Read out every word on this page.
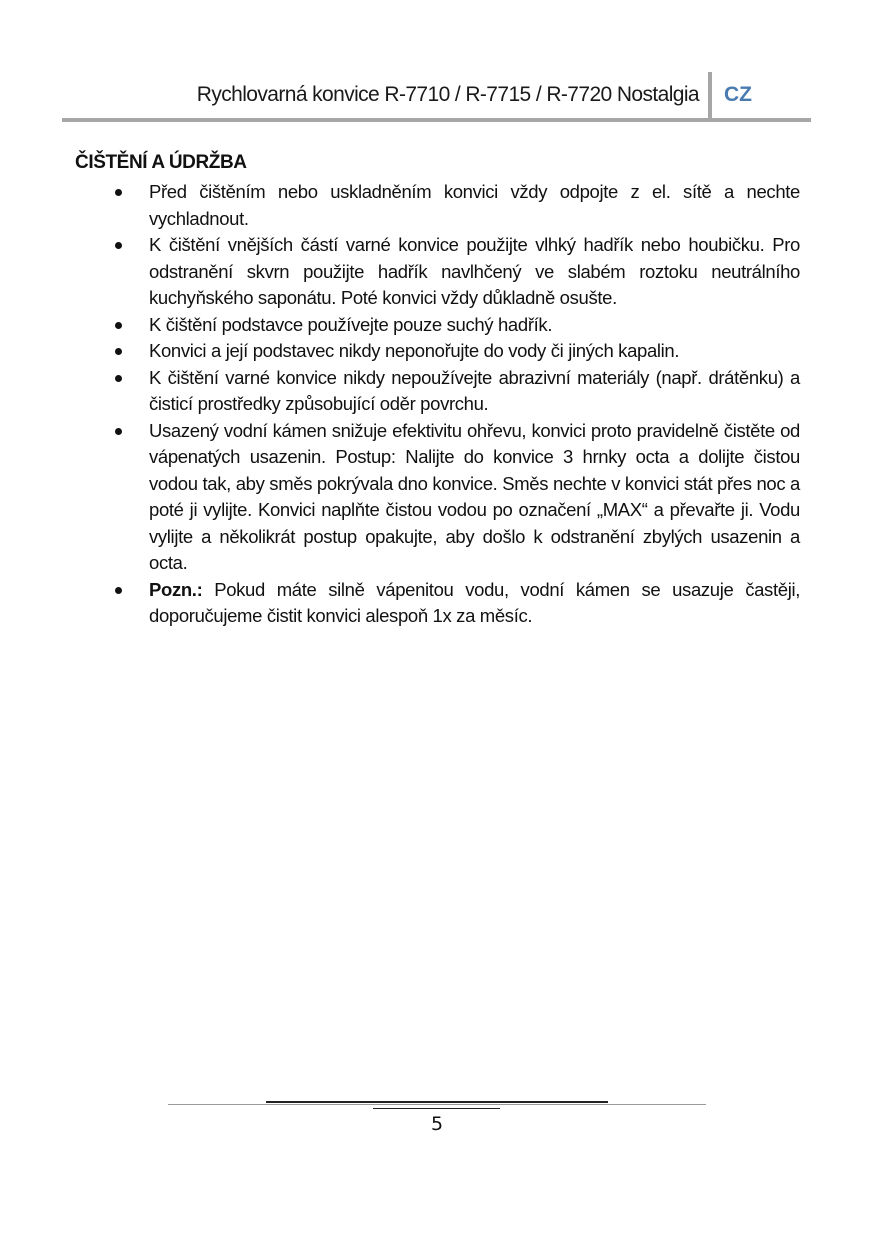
Rychlovarná konvice R-7710 / R-7715 / R-7720 Nostalgia CZ
ČIŠTĚNÍ A ÚDRŽBA
Před čištěním nebo uskladněním konvici vždy odpojte z el. sítě a nechte vychladnout.
K čištění vnějších částí varné konvice použijte vlhký hadřík nebo houbičku. Pro odstranění skvrn použijte hadřík navlhčený ve slabém roztoku neutrálního kuchyňského saponátu. Poté konvici vždy důkladně osušte.
K čištění podstavce používejte pouze suchý hadřík.
Konvici a její podstavec nikdy neponořujte do vody či jiných kapalin.
K čištění varné konvice nikdy nepoužívejte abrazivní materiály (např. drátěnku) a čisticí prostředky způsobující oděr povrchu.
Usazený vodní kámen snižuje efektivitu ohřevu, konvici proto pravidelně čistěte od vápenatých usazenin. Postup: Nalijte do konvice 3 hrnky octa a dolijte čistou vodou tak, aby směs pokrývala dno konvice. Směs nechte v konvici stát přes noc a poté ji vylijte. Konvici naplňte čistou vodou po označení „MAX“ a převařte ji. Vodu vylijte a několikrát postup opakujte, aby došlo k odstranění zbylých usazenin a octa.
Pozn.: Pokud máte silně vápenitou vodu, vodní kámen se usazuje častěji, doporučujeme čistit konvici alespoň 1x za měsíc.
5
